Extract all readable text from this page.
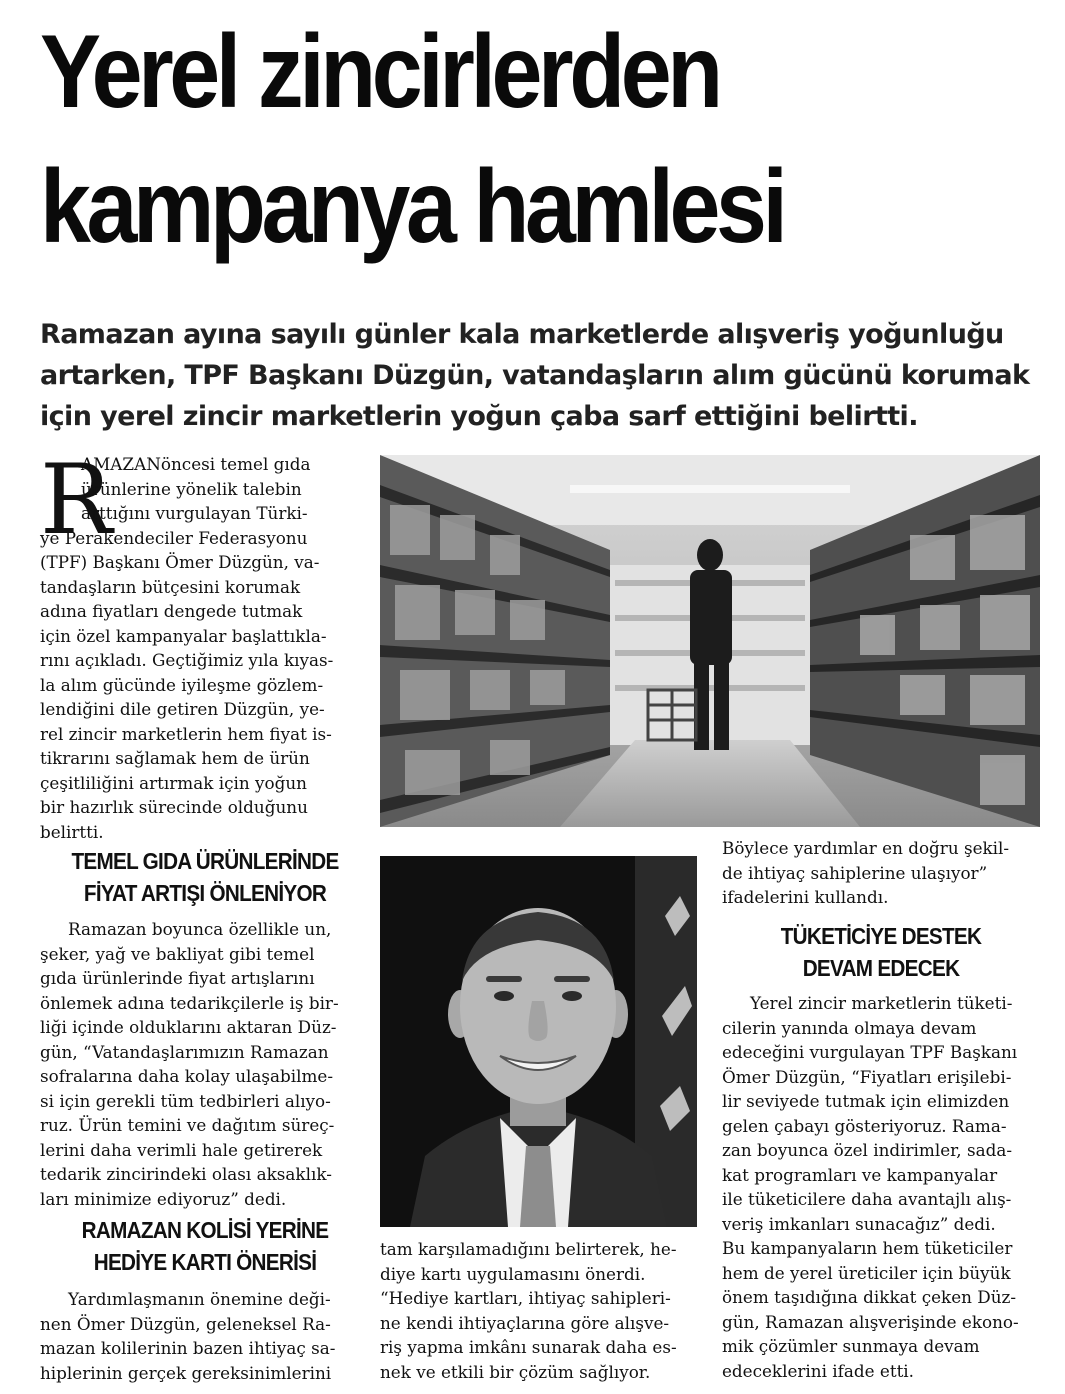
Yerel zincirlerden
kampanya hamlesi
Ramazan ayına sayılı günler kala marketlerde alışveriş yoğunluğu
artarken, TPF Başkanı Düzgün, vatandaşların alım gücünü korumak
için yerel zincir marketlerin yoğun çaba sarf ettiğini belirtti.
R
AMAZANöncesi temel gıda
ürünlerine yönelik talebin
arttığını vurgulayan Türki-
ye Perakendeciler Federasyonu
(TPF) Başkanı Ömer Düzgün, va-
tandaşların bütçesini korumak
adına fiyatları dengede tutmak
için özel kampanyalar başlattıkla-
rını açıkladı. Geçtiğimiz yıla kıyas-
la alım gücünde iyileşme gözlem-
lendiğini dile getiren Düzgün, ye-
rel zincir marketlerin hem fiyat is-
tikrarını sağlamak hem de ürün
çeşitliliğini artırmak için yoğun
bir hazırlık sürecinde olduğunu
belirtti.
TEMEL GIDA ÜRÜNLERİNDE
FİYAT ARTIŞI ÖNLENİYOR
Ramazan boyunca özellikle un,
şeker, yağ ve bakliyat gibi temel
gıda ürünlerinde fiyat artışlarını
önlemek adına tedarikçilerle iş bir-
liği içinde olduklarını aktaran Düz-
gün, “Vatandaşlarımızın Ramazan
sofralarına daha kolay ulaşabilme-
si için gerekli tüm tedbirleri alıyo-
ruz. Ürün temini ve dağıtım süreç-
lerini daha verimli hale getirerek
tedarik zincirindeki olası aksaklık-
ları minimize ediyoruz” dedi.
RAMAZAN KOLİSİ YERİNE
HEDİYE KARTI ÖNERİSİ
Yardımlaşmanın önemine deği-
nen Ömer Düzgün, geleneksel Ra-
mazan kolilerinin bazen ihtiyaç sa-
hiplerinin gerçek gereksinimlerini
tam karşılamadığını belirterek, he-
diye kartı uygulamasını önerdi.
“Hediye kartları, ihtiyaç sahipleri-
ne kendi ihtiyaçlarına göre alışve-
riş yapma imkânı sunarak daha es-
nek ve etkili bir çözüm sağlıyor.
Böylece yardımlar en doğru şekil-
de ihtiyaç sahiplerine ulaşıyor”
ifadelerini kullandı.
TÜKETİCİYE DESTEK
DEVAM EDECEK
Yerel zincir marketlerin tüketi-
cilerin yanında olmaya devam
edeceğini vurgulayan TPF Başkanı
Ömer Düzgün, “Fiyatları erişilebi-
lir seviyede tutmak için elimizden
gelen çabayı gösteriyoruz. Rama-
zan boyunca özel indirimler, sada-
kat programları ve kampanyalar
ile tüketicilere daha avantajlı alış-
veriş imkanları sunacağız” dedi.
Bu kampanyaların hem tüketiciler
hem de yerel üreticiler için büyük
önem taşıdığına dikkat çeken Düz-
gün, Ramazan alışverişinde ekono-
mik çözümler sunmaya devam
edeceklerini ifade etti.
